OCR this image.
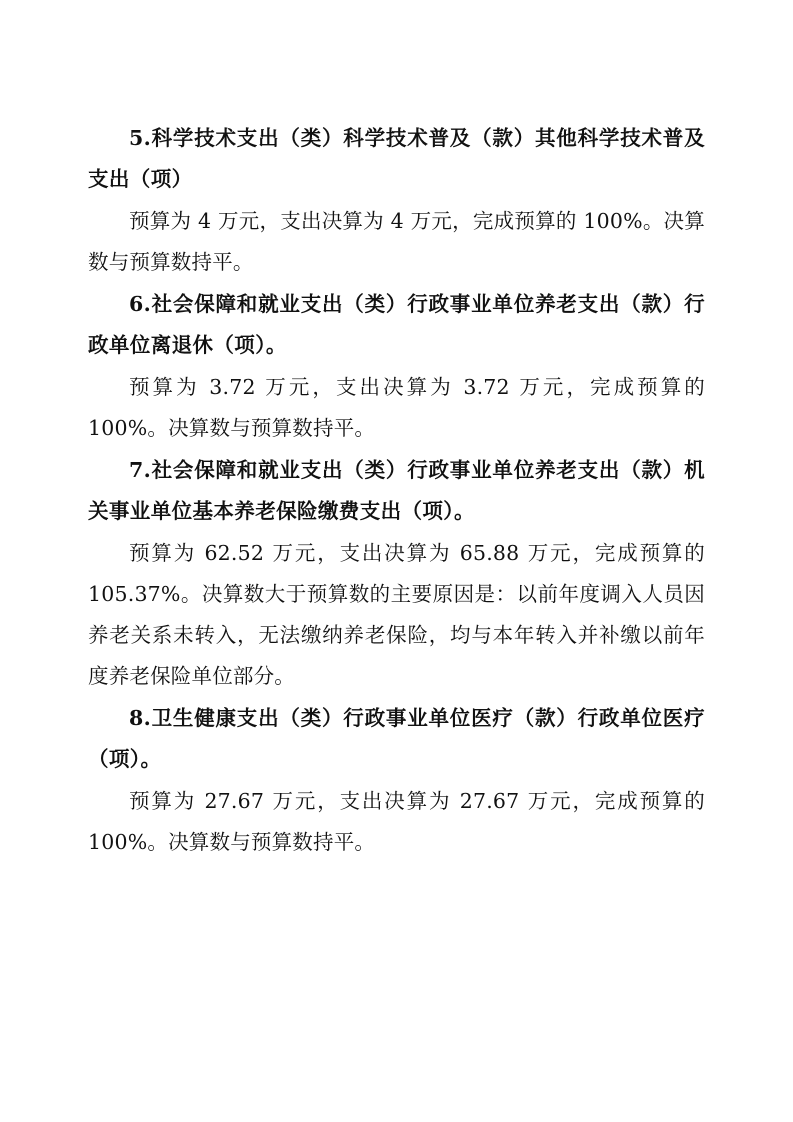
5.科学技术支出（类）科学技术普及（款）其他科学技术普及支出（项）

预算为 4 万元，支出决算为 4 万元，完成预算的 100%。决算数与预算数持平。

6.社会保障和就业支出（类）行政事业单位养老支出（款）行政单位离退休（项）。

预算为 3.72 万元，支出决算为 3.72 万元，完成预算的 100%。决算数与预算数持平。

7.社会保障和就业支出（类）行政事业单位养老支出（款）机关事业单位基本养老保险缴费支出（项）。

预算为 62.52 万元，支出决算为 65.88 万元，完成预算的 105.37%。决算数大于预算数的主要原因是：以前年度调入人员因养老关系未转入，无法缴纳养老保险，均与本年转入并补缴以前年度养老保险单位部分。

8.卫生健康支出（类）行政事业单位医疗（款）行政单位医疗（项）。

预算为 27.67 万元，支出决算为 27.67 万元，完成预算的 100%。决算数与预算数持平。
